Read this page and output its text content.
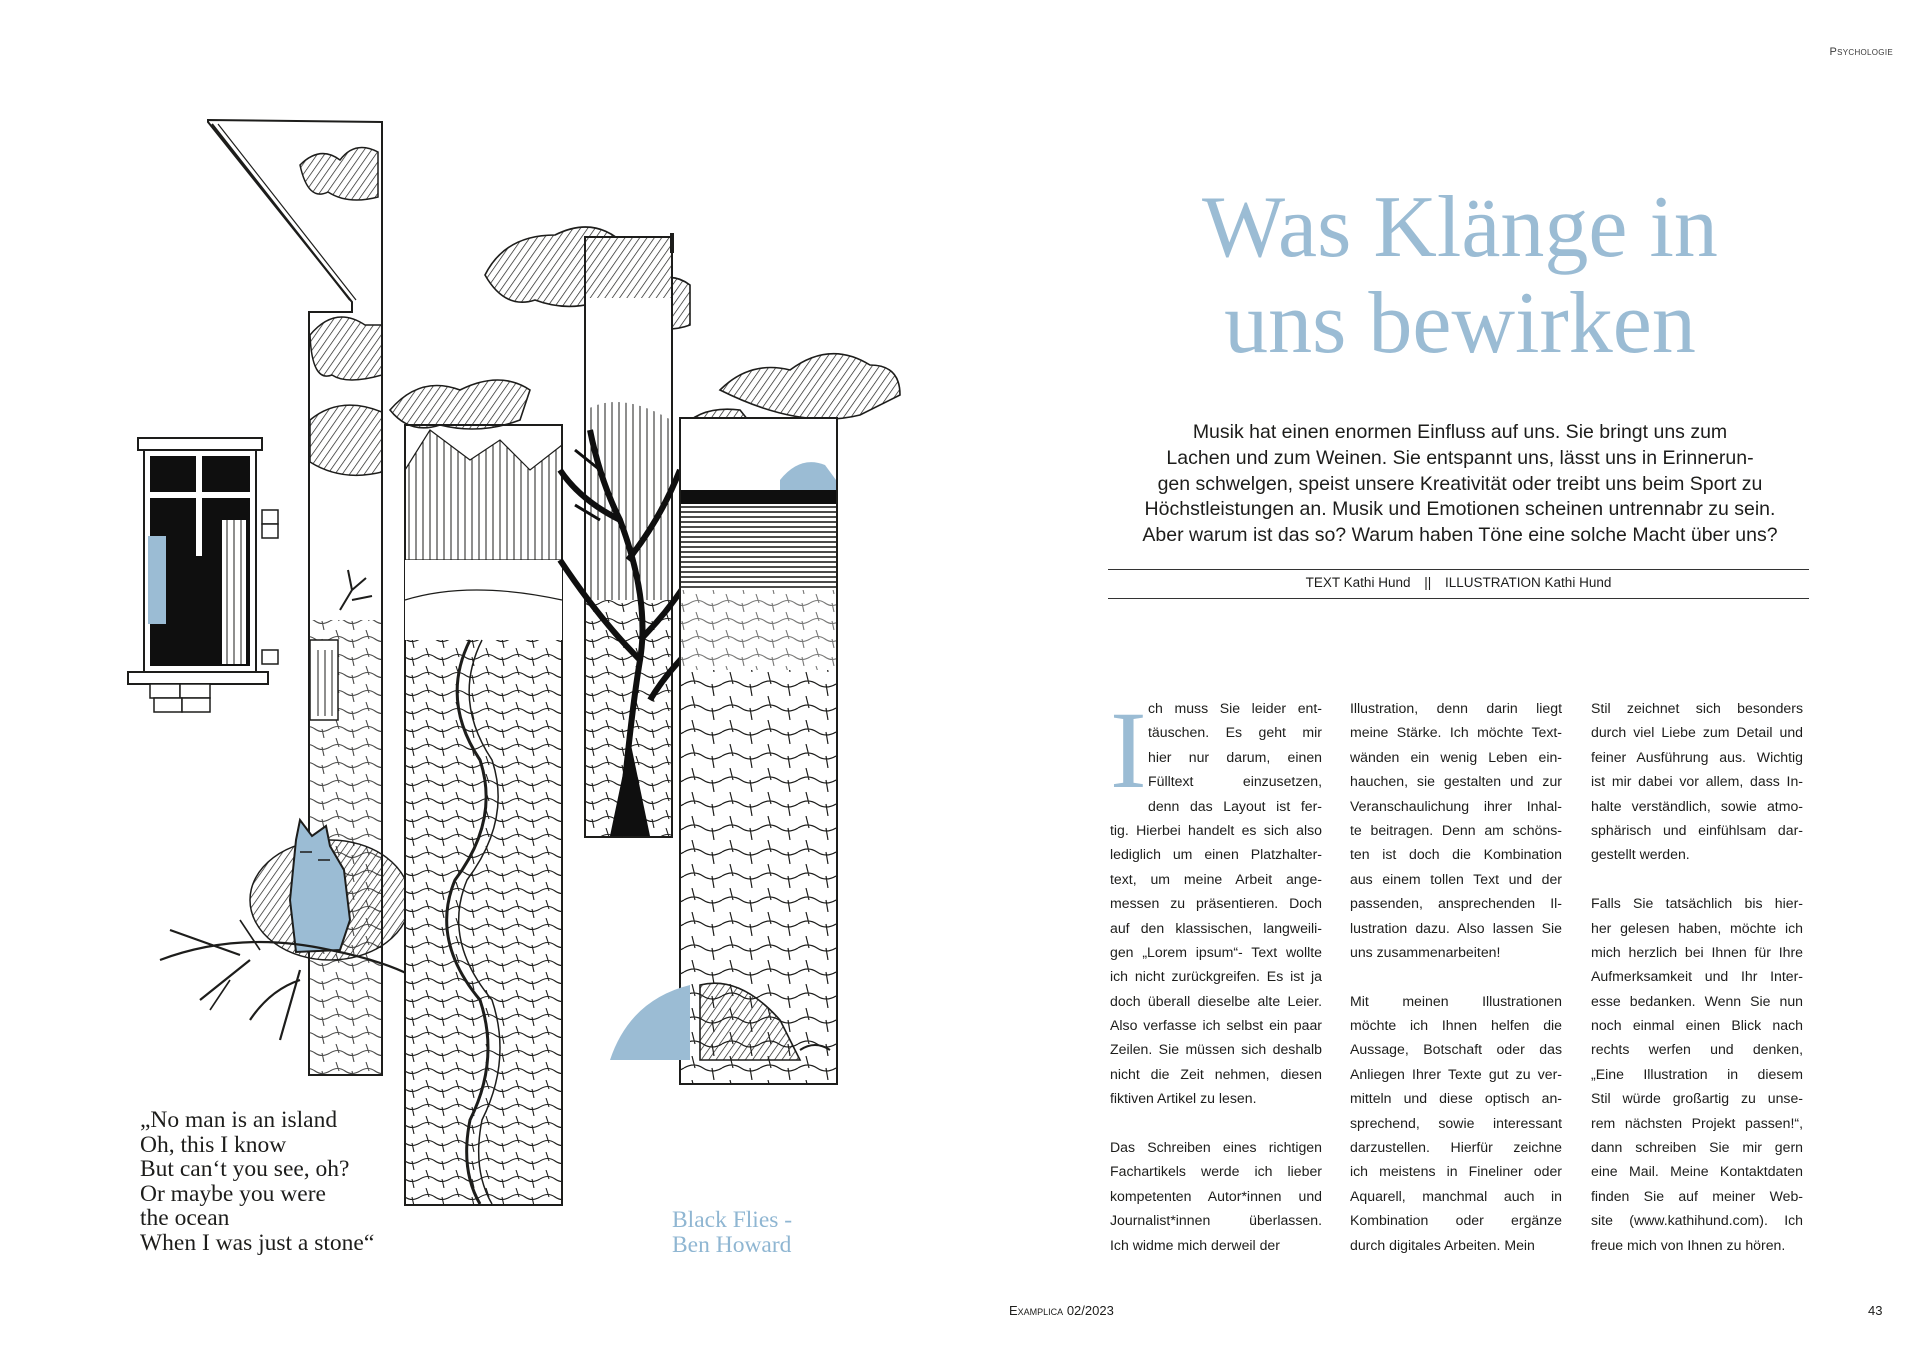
„No man is an island
Oh, this I know
But can‘t you see, oh?
Or maybe you were
the ocean
When I was just a stone“
Black Flies -
Ben Howard
Psychologie
Was Klänge in
uns bewirken
Musik hat einen enormen Einfluss auf uns. Sie bringt uns zum
Lachen und zum Weinen. Sie entspannt uns, lässt uns in Erinnerun-
gen schwelgen, speist unsere Kreativität oder treibt uns beim Sport zu
Höchstleistungen an. Musik und Emotionen scheinen untrennabr zu sein.
Aber warum ist das so? Warum haben Töne eine solche Macht über uns?
TEXT Kathi Hund || ILLUSTRATION Kathi Hund
I ch muss Sie leider ent-
täuschen. Es geht mir
hier nur darum, einen
Fülltext einzusetzen,
denn das Layout ist fer-
tig. Hierbei handelt es sich also
lediglich um einen Platzhalter-
text, um meine Arbeit ange-
messen zu präsentieren. Doch
auf den klassischen, langweili-
gen „Lorem ipsum“- Text wollte
ich nicht zurückgreifen. Es ist ja
doch überall dieselbe alte Leier.
Also verfasse ich selbst ein paar
Zeilen. Sie müssen sich deshalb
nicht die Zeit nehmen, diesen
fiktiven Artikel zu lesen.
Das Schreiben eines richtigen
Fachartikels werde ich lieber
kompetenten Autor*innen und
Journalist*innen überlassen.
Ich widme mich derweil der
Illustration, denn darin liegt
meine Stärke. Ich möchte Text-
wänden ein wenig Leben ein-
hauchen, sie gestalten und zur
Veranschaulichung ihrer Inhal-
te beitragen. Denn am schöns-
ten ist doch die Kombination
aus einem tollen Text und der
passenden, ansprechenden Il-
lustration dazu. Also lassen Sie
uns zusammenarbeiten!
Mit meinen Illustrationen
möchte ich Ihnen helfen die
Aussage, Botschaft oder das
Anliegen Ihrer Texte gut zu ver-
mitteln und diese optisch an-
sprechend, sowie interessant
darzustellen. Hierfür zeichne
ich meistens in Fineliner oder
Aquarell, manchmal auch in
Kombination oder ergänze
durch digitales Arbeiten. Mein
Stil zeichnet sich besonders
durch viel Liebe zum Detail und
feiner Ausführung aus. Wichtig
ist mir dabei vor allem, dass In-
halte verständlich, sowie atmo-
sphärisch und einfühlsam dar-
gestellt werden.
Falls Sie tatsächlich bis hier-
her gelesen haben, möchte ich
mich herzlich bei Ihnen für Ihre
Aufmerksamkeit und Ihr Inter-
esse bedanken. Wenn Sie nun
noch einmal einen Blick nach
rechts werfen und denken,
„Eine Illustration in diesem
Stil würde großartig zu unse-
rem nächsten Projekt passen!“,
dann schreiben Sie mir gern
eine Mail. Meine Kontaktdaten
finden Sie auf meiner Web-
site (www.kathihund.com). Ich
freue mich von Ihnen zu hören.
Examplica 02/2023	43
